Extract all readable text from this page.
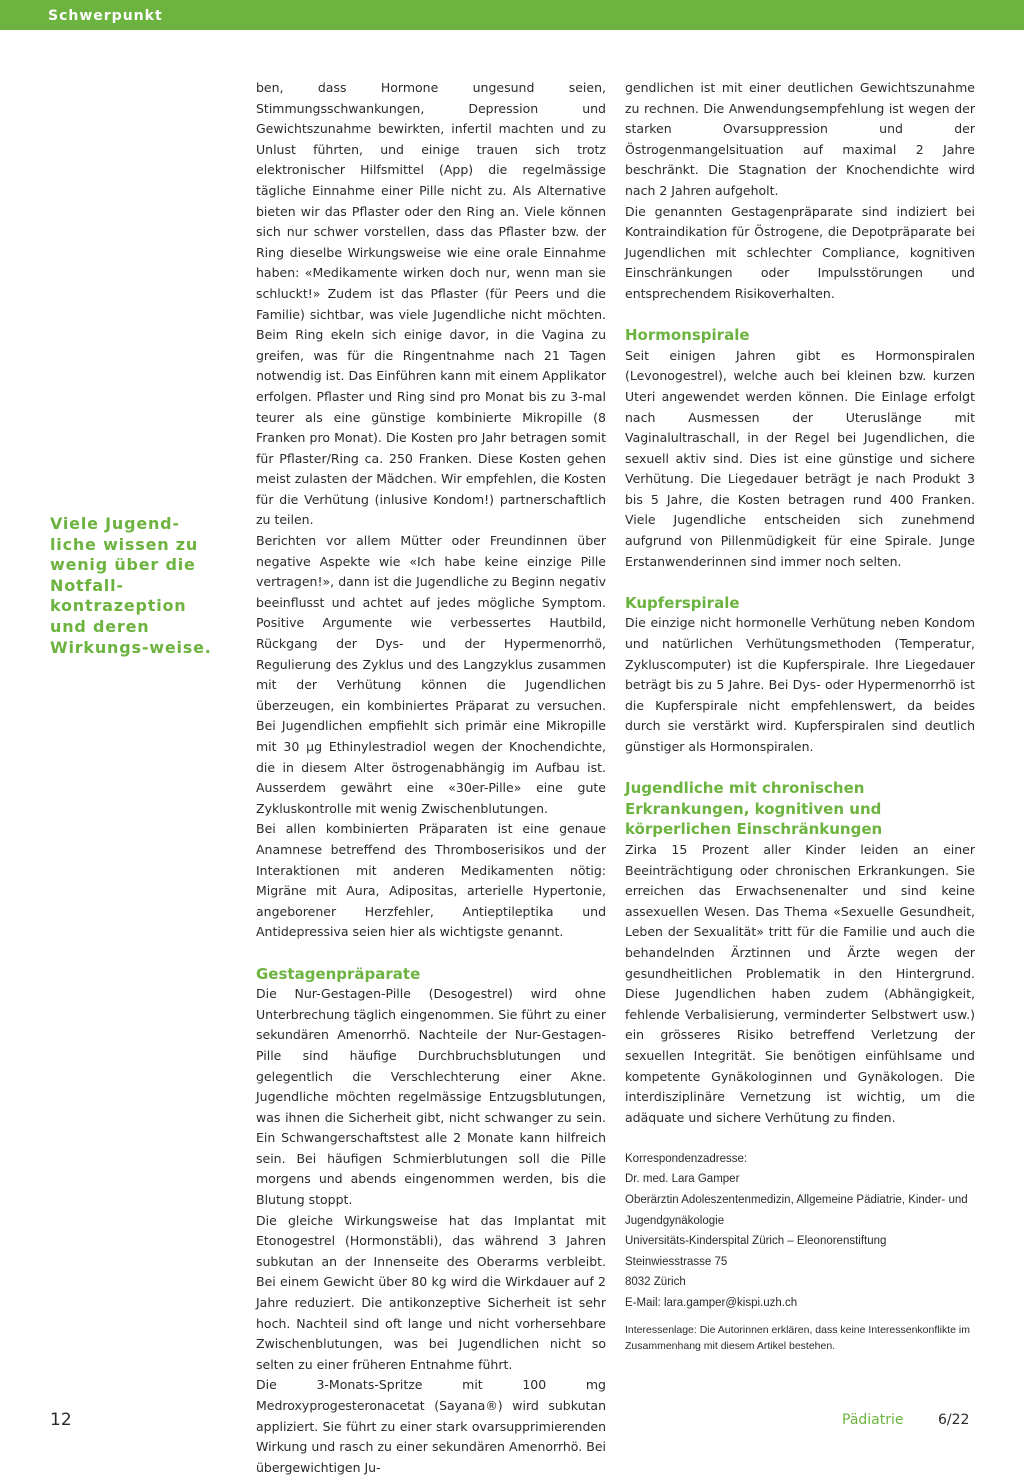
Schwerpunkt
Viele Jugend-liche wissen zu wenig über die Notfall-kontrazeption und deren Wirkungs-weise.

ben, dass Hormone ungesund seien, Stimmungsschwankungen, Depression und Gewichtszunahme bewirkten, infertil machten und zu Unlust führten, und einige trauen sich trotz elektronischer Hilfsmittel (App) die regelmässige tägliche Einnahme einer Pille nicht zu. Als Alternative bieten wir das Pflaster oder den Ring an. Viele können sich nur schwer vorstellen, dass das Pflaster bzw. der Ring dieselbe Wirkungsweise wie eine orale Einnahme haben: «Medikamente wirken doch nur, wenn man sie schluckt!» Zudem ist das Pflaster (für Peers und die Familie) sichtbar, was viele Jugendliche nicht möchten. Beim Ring ekeln sich einige davor, in die Vagina zu greifen, was für die Ringentnahme nach 21 Tagen notwendig ist. Das Einführen kann mit einem Applikator erfolgen. Pflaster und Ring sind pro Monat bis zu 3-mal teurer als eine günstige kombinierte Mikropille (8 Franken pro Monat). Die Kosten pro Jahr betragen somit für Pflaster/Ring ca. 250 Franken. Diese Kosten gehen meist zulasten der Mädchen. Wir empfehlen, die Kosten für die Verhütung (inlusive Kondom!) partnerschaftlich zu teilen.

Berichten vor allem Mütter oder Freundinnen über negative Aspekte wie «Ich habe keine einzige Pille vertragen!», dann ist die Jugendliche zu Beginn negativ beeinflusst und achtet auf jedes mögliche Symptom. Positive Argumente wie verbessertes Hautbild, Rückgang der Dys- und der Hypermenorrhö, Regulierung des Zyklus und des Langzyklus zusammen mit der Verhütung können die Jugendlichen überzeugen, ein kombiniertes Präparat zu versuchen. Bei Jugendlichen empfiehlt sich primär eine Mikropille mit 30 µg Ethinylestradiol wegen der Knochendichte, die in diesem Alter östrogenabhängig im Aufbau ist. Ausserdem gewährt eine «30er-Pille» eine gute Zykluskontrolle mit wenig Zwischenblutungen.

Bei allen kombinierten Präparaten ist eine genaue Anamnese betreffend des Thromboserisikos und der Interaktionen mit anderen Medikamenten nötig: Migräne mit Aura, Adipositas, arterielle Hypertonie, angeborener Herzfehler, Antieptileptika und Antidepressiva seien hier als wichtigste genannt.

Gestagenpräparate

Die Nur-Gestagen-Pille (Desogestrel) wird ohne Unterbrechung täglich eingenommen. Sie führt zu einer sekundären Amenorrhö. Nachteile der Nur-Gestagen-Pille sind häufige Durchbruchsblutungen und gelegentlich die Verschlechterung einer Akne. Jugendliche möchten regelmässige Entzugsblutungen, was ihnen die Sicherheit gibt, nicht schwanger zu sein. Ein Schwangerschaftstest alle 2 Monate kann hilfreich sein. Bei häufigen Schmierblutungen soll die Pille morgens und abends eingenommen werden, bis die Blutung stoppt.

Die gleiche Wirkungsweise hat das Implantat mit Etonogestrel (Hormonstäbli), das während 3 Jahren subkutan an der Innenseite des Oberarms verbleibt. Bei einem Gewicht über 80 kg wird die Wirkdauer auf 2 Jahre reduziert. Die antikonzeptive Sicherheit ist sehr hoch. Nachteil sind oft lange und nicht vorhersehbare Zwischenblutungen, was bei Jugendlichen nicht so selten zu einer früheren Entnahme führt.

Die 3-Monats-Spritze mit 100 mg Medroxyprogesteronacetat (Sayana®) wird subkutan appliziert. Sie führt zu einer stark ovarsupprimierenden Wirkung und rasch zu einer sekundären Amenorrhö. Bei übergewichtigen Ju-

gendlichen ist mit einer deutlichen Gewichtszunahme zu rechnen. Die Anwendungsempfehlung ist wegen der starken Ovarsuppression und der Östrogenmangelsituation auf maximal 2 Jahre beschränkt. Die Stagnation der Knochendichte wird nach 2 Jahren aufgeholt.

Die genannten Gestagenpräparate sind indiziert bei Kontraindikation für Östrogene, die Depotpräparate bei Jugendlichen mit schlechter Compliance, kognitiven Einschränkungen oder Impulsstörungen und entsprechendem Risikoverhalten.

Hormonspirale

Seit einigen Jahren gibt es Hormonspiralen (Levonogestrel), welche auch bei kleinen bzw. kurzen Uteri angewendet werden können. Die Einlage erfolgt nach Ausmessen der Uteruslänge mit Vaginalultraschall, in der Regel bei Jugendlichen, die sexuell aktiv sind. Dies ist eine günstige und sichere Verhütung. Die Liegedauer beträgt je nach Produkt 3 bis 5 Jahre, die Kosten betragen rund 400 Franken. Viele Jugendliche entscheiden sich zunehmend aufgrund von Pillenmüdigkeit für eine Spirale. Junge Erstanwenderinnen sind immer noch selten.

Kupferspirale

Die einzige nicht hormonelle Verhütung neben Kondom und natürlichen Verhütungsmethoden (Temperatur, Zykluscomputer) ist die Kupferspirale. Ihre Liegedauer beträgt bis zu 5 Jahre. Bei Dys- oder Hypermenorrhö ist die Kupferspirale nicht empfehlenswert, da beides durch sie verstärkt wird. Kupferspiralen sind deutlich günstiger als Hormonspiralen.

Jugendliche mit chronischen Erkrankungen, kognitiven und körperlichen Einschränkungen

Zirka 15 Prozent aller Kinder leiden an einer Beeinträchtigung oder chronischen Erkrankungen. Sie erreichen das Erwachsenenalter und sind keine assexuellen Wesen. Das Thema «Sexuelle Gesundheit, Leben der Sexualität» tritt für die Familie und auch die behandelnden Ärztinnen und Ärzte wegen der gesundheitlichen Problematik in den Hintergrund. Diese Jugendlichen haben zudem (Abhängigkeit, fehlende Verbalisierung, verminderter Selbstwert usw.) ein grösseres Risiko betreffend Verletzung der sexuellen Integrität. Sie benötigen einfühlsame und kompetente Gynäkologinnen und Gynäkologen. Die interdisziplinäre Vernetzung ist wichtig, um die adäquate und sichere Verhütung zu finden.

Korrespondenzadresse:
Dr. med. Lara Gamper
Oberärztin Adoleszentenmedizin, Allgemeine Pädiatrie, Kinder- und Jugendgynäkologie
Universitäts-Kinderspital Zürich – Eleonorenstiftung
Steinwiesstrasse 75
8032 Zürich
E-Mail: lara.gamper@kispi.uzh.ch

Interessenlage: Die Autorinnen erklären, dass keine Interessenkonflikte im Zusammenhang mit diesem Artikel bestehen.

12	Pädiatrie 6/22
